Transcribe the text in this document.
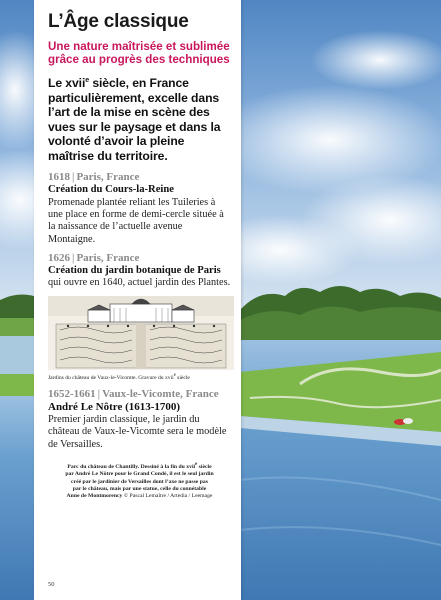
L’Âge classique

Une nature maîtrisée et sublimée grâce au progrès des techniques

Le xvii$^e$ siècle, en France particulièrement, excelle dans l’art de la mise en scène des vues sur le paysage et dans la volonté d’avoir la pleine maîtrise du territoire.

1618 | Paris, France
Création du Cours-la-Reine
Promenade plantée reliant les Tuileries à une place en forme de demi-cercle située à la naissance de l’actuelle avenue Montaigne.
1626 | Paris, France
Création du jardin botanique de Paris qui ouvre en 1640, actuel jardin des Plantes.
Jardins du château de Vaux-le-Vicomte. Gravure du xvii$^e$ siècle
1652-1661 | Vaux-le-Vicomte, France
André Le Nôtre (1613-1700)
Premier jardin classique, le jardin du château de Vaux-le-Vicomte sera le modèle de Versailles.
Parc du château de Chantilly. Dessiné à la fin du xvii$^e$ siècle
par André Le Nôtre pour le Grand Condé, il est le seul jardin
créé par le jardinier de Versailles dont l’axe ne passe pas
par le château, mais par une statue, celle du connétable
Anne de Montmorency © Pascal Lemaître / Artedia / Leemage
50
